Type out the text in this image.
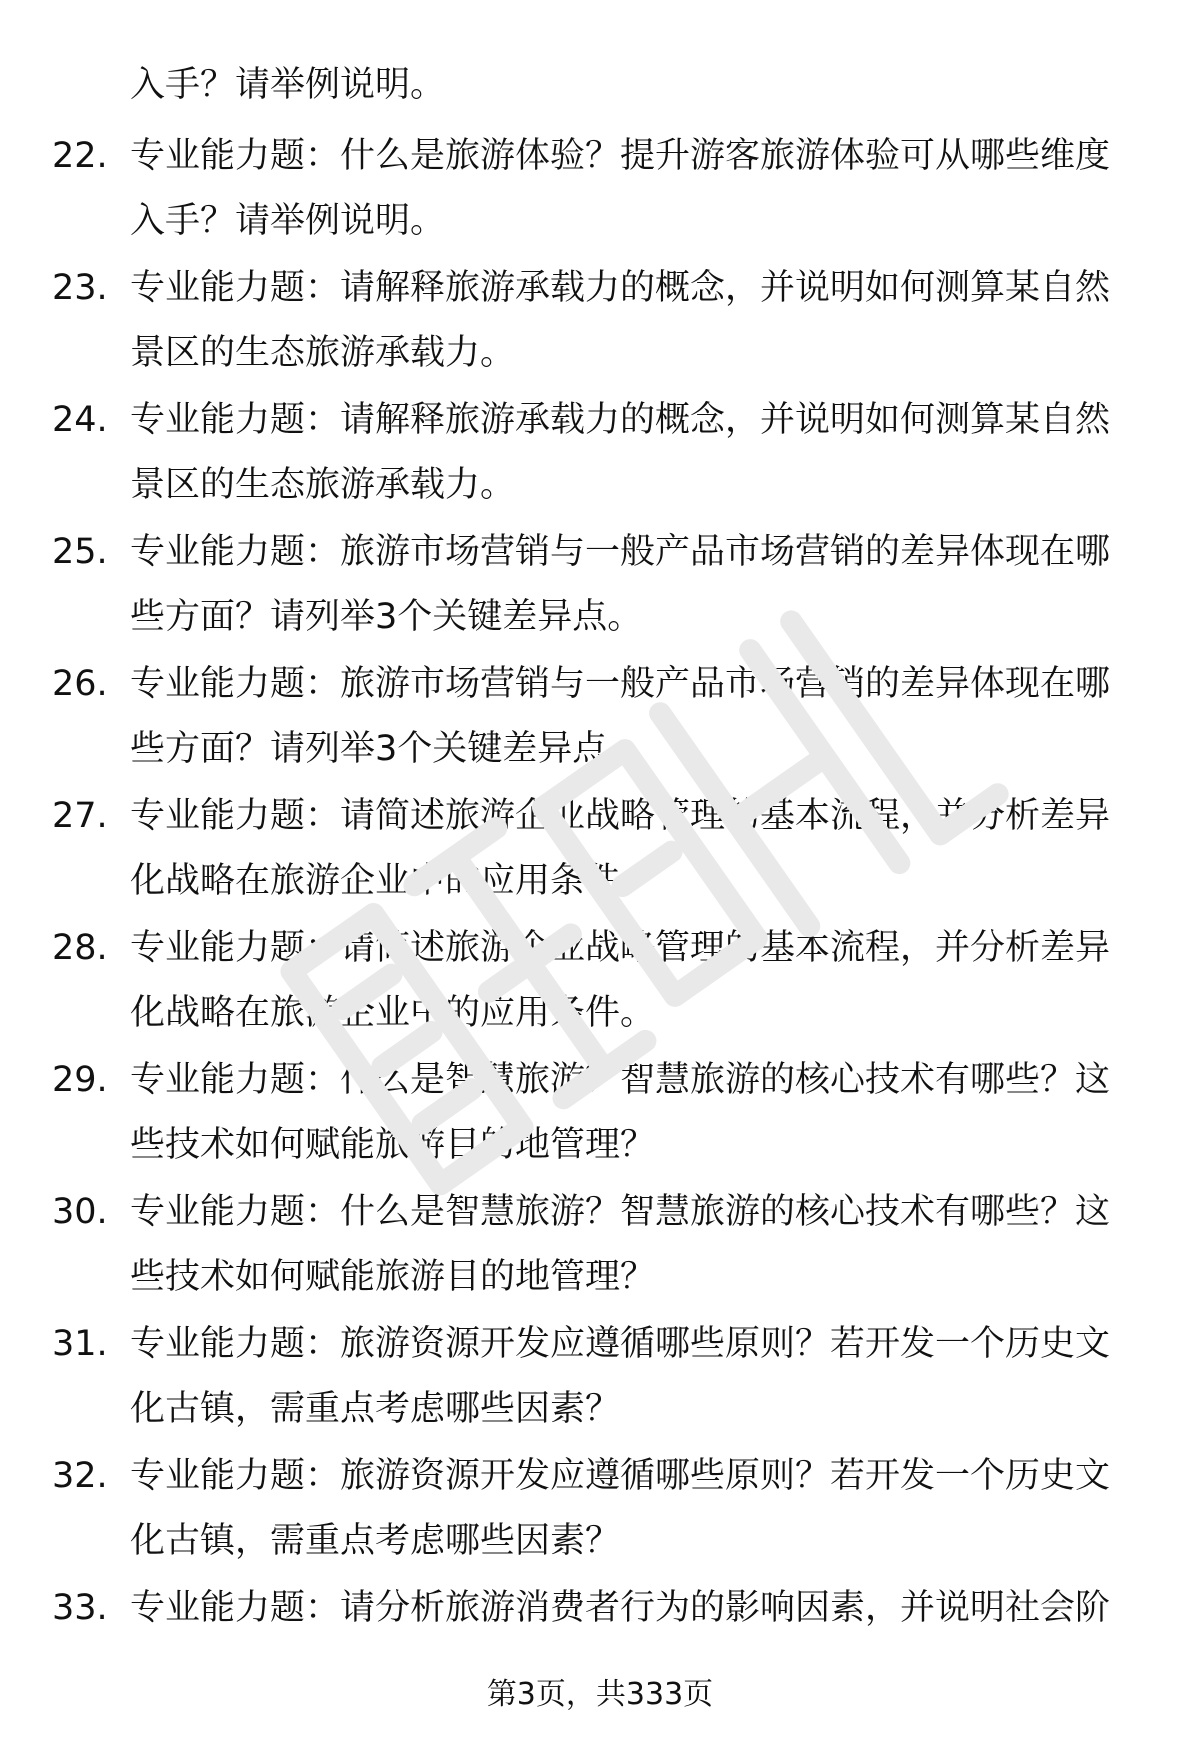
入手？请举例说明。
22. 专业能力题：什么是旅游体验？提升游客旅游体验可从哪些维度
入手？请举例说明。
23. 专业能力题：请解释旅游承载力的概念，并说明如何测算某自然
景区的生态旅游承载力。
24. 专业能力题：请解释旅游承载力的概念，并说明如何测算某自然
景区的生态旅游承载力。
25. 专业能力题：旅游市场营销与一般产品市场营销的差异体现在哪
些方面？请列举3个关键差异点。
26. 专业能力题：旅游市场营销与一般产品市场营销的差异体现在哪
些方面？请列举3个关键差异点。
27. 专业能力题：请简述旅游企业战略管理的基本流程，并分析差异
化战略在旅游企业中的应用条件。
28. 专业能力题：请简述旅游企业战略管理的基本流程，并分析差异
化战略在旅游企业中的应用条件。
29. 专业能力题：什么是智慧旅游？智慧旅游的核心技术有哪些？这
些技术如何赋能旅游目的地管理？
30. 专业能力题：什么是智慧旅游？智慧旅游的核心技术有哪些？这
些技术如何赋能旅游目的地管理？
31. 专业能力题：旅游资源开发应遵循哪些原则？若开发一个历史文
化古镇，需重点考虑哪些因素？
32. 专业能力题：旅游资源开发应遵循哪些原则？若开发一个历史文
化古镇，需重点考虑哪些因素？
33. 专业能力题：请分析旅游消费者行为的影响因素，并说明社会阶
第3页，共333页
